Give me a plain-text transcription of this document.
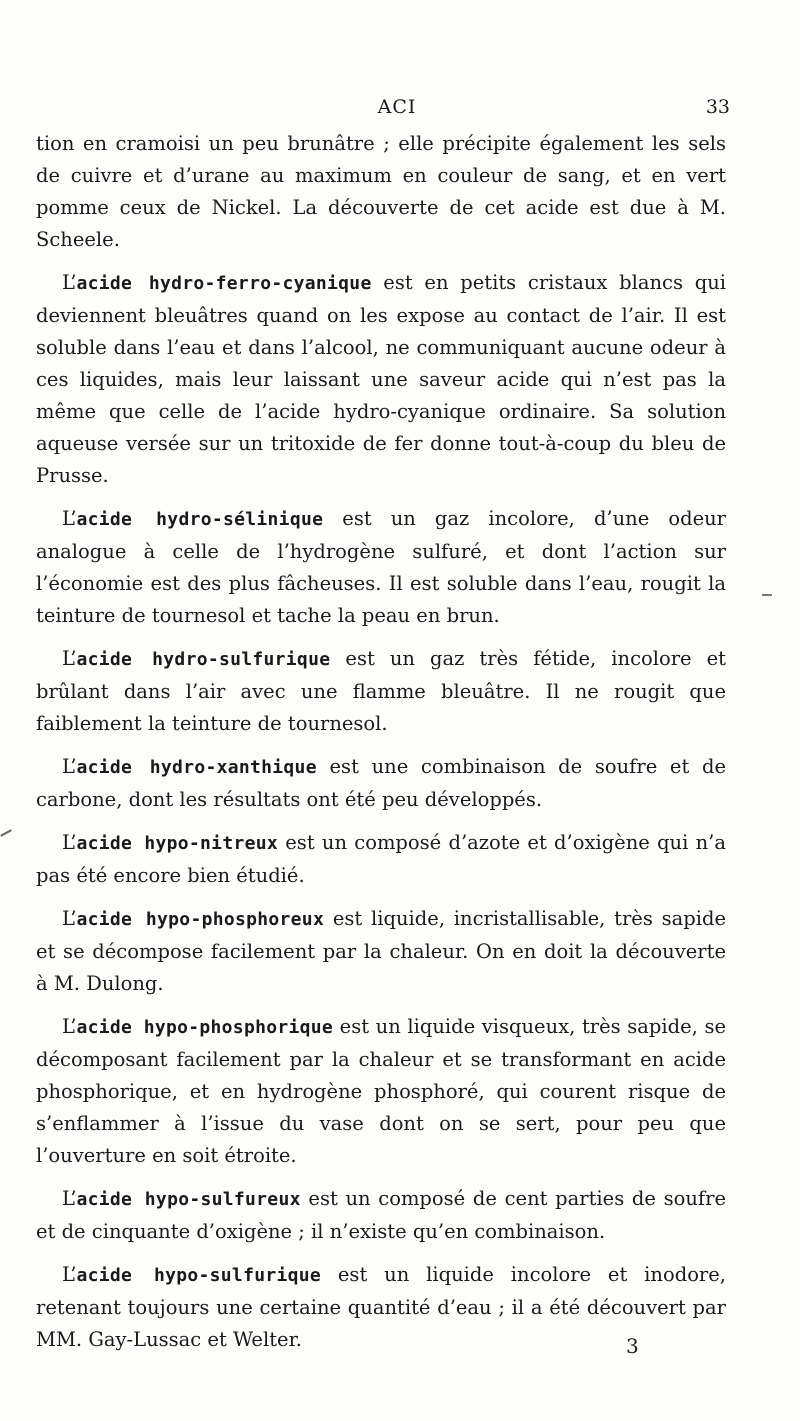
ACI	33

tion en cramoisi un peu brunâtre ; elle précipite également les sels de cuivre et d’urane au maximum en couleur de sang, et en vert pomme ceux de Nickel. La découverte de cet acide est due à M. Scheele.

L’acide hydro-ferro-cyanique est en petits cristaux blancs qui deviennent bleuâtres quand on les expose au contact de l’air. Il est soluble dans l’eau et dans l’alcool, ne communiquant aucune odeur à ces liquides, mais leur laissant une saveur acide qui n’est pas la même que celle de l’acide hydro-cyanique ordinaire. Sa solution aqueuse versée sur un tritoxide de fer donne tout-à-coup du bleu de Prusse.

L’acide hydro-sélinique est un gaz incolore, d’une odeur analogue à celle de l’hydrogène sulfuré, et dont l’action sur l’économie est des plus fâcheuses. Il est soluble dans l’eau, rougit la teinture de tournesol et tache la peau en brun.

L’acide hydro-sulfurique est un gaz très fétide, incolore et brûlant dans l’air avec une flamme bleuâtre. Il ne rougit que faiblement la teinture de tournesol.

L’acide hydro-xanthique est une combinaison de soufre et de carbone, dont les résultats ont été peu développés.

L’acide hypo-nitreux est un composé d’azote et d’oxigène qui n’a pas été encore bien étudié.

L’acide hypo-phosphoreux est liquide, incristallisable, très sapide et se décompose facilement par la chaleur. On en doit la découverte à M. Dulong.

L’acide hypo-phosphorique est un liquide visqueux, très sapide, se décomposant facilement par la chaleur et se transformant en acide phosphorique, et en hydrogène phosphoré, qui courent risque de s’enflammer à l’issue du vase dont on se sert, pour peu que l’ouverture en soit étroite.

L’acide hypo-sulfureux est un composé de cent parties de soufre et de cinquante d’oxigène ; il n’existe qu’en combinaison.

L’acide hypo-sulfurique est un liquide incolore et inodore, retenant toujours une certaine quantité d’eau ; il a été découvert par MM. Gay-Lussac et Welter.	3
